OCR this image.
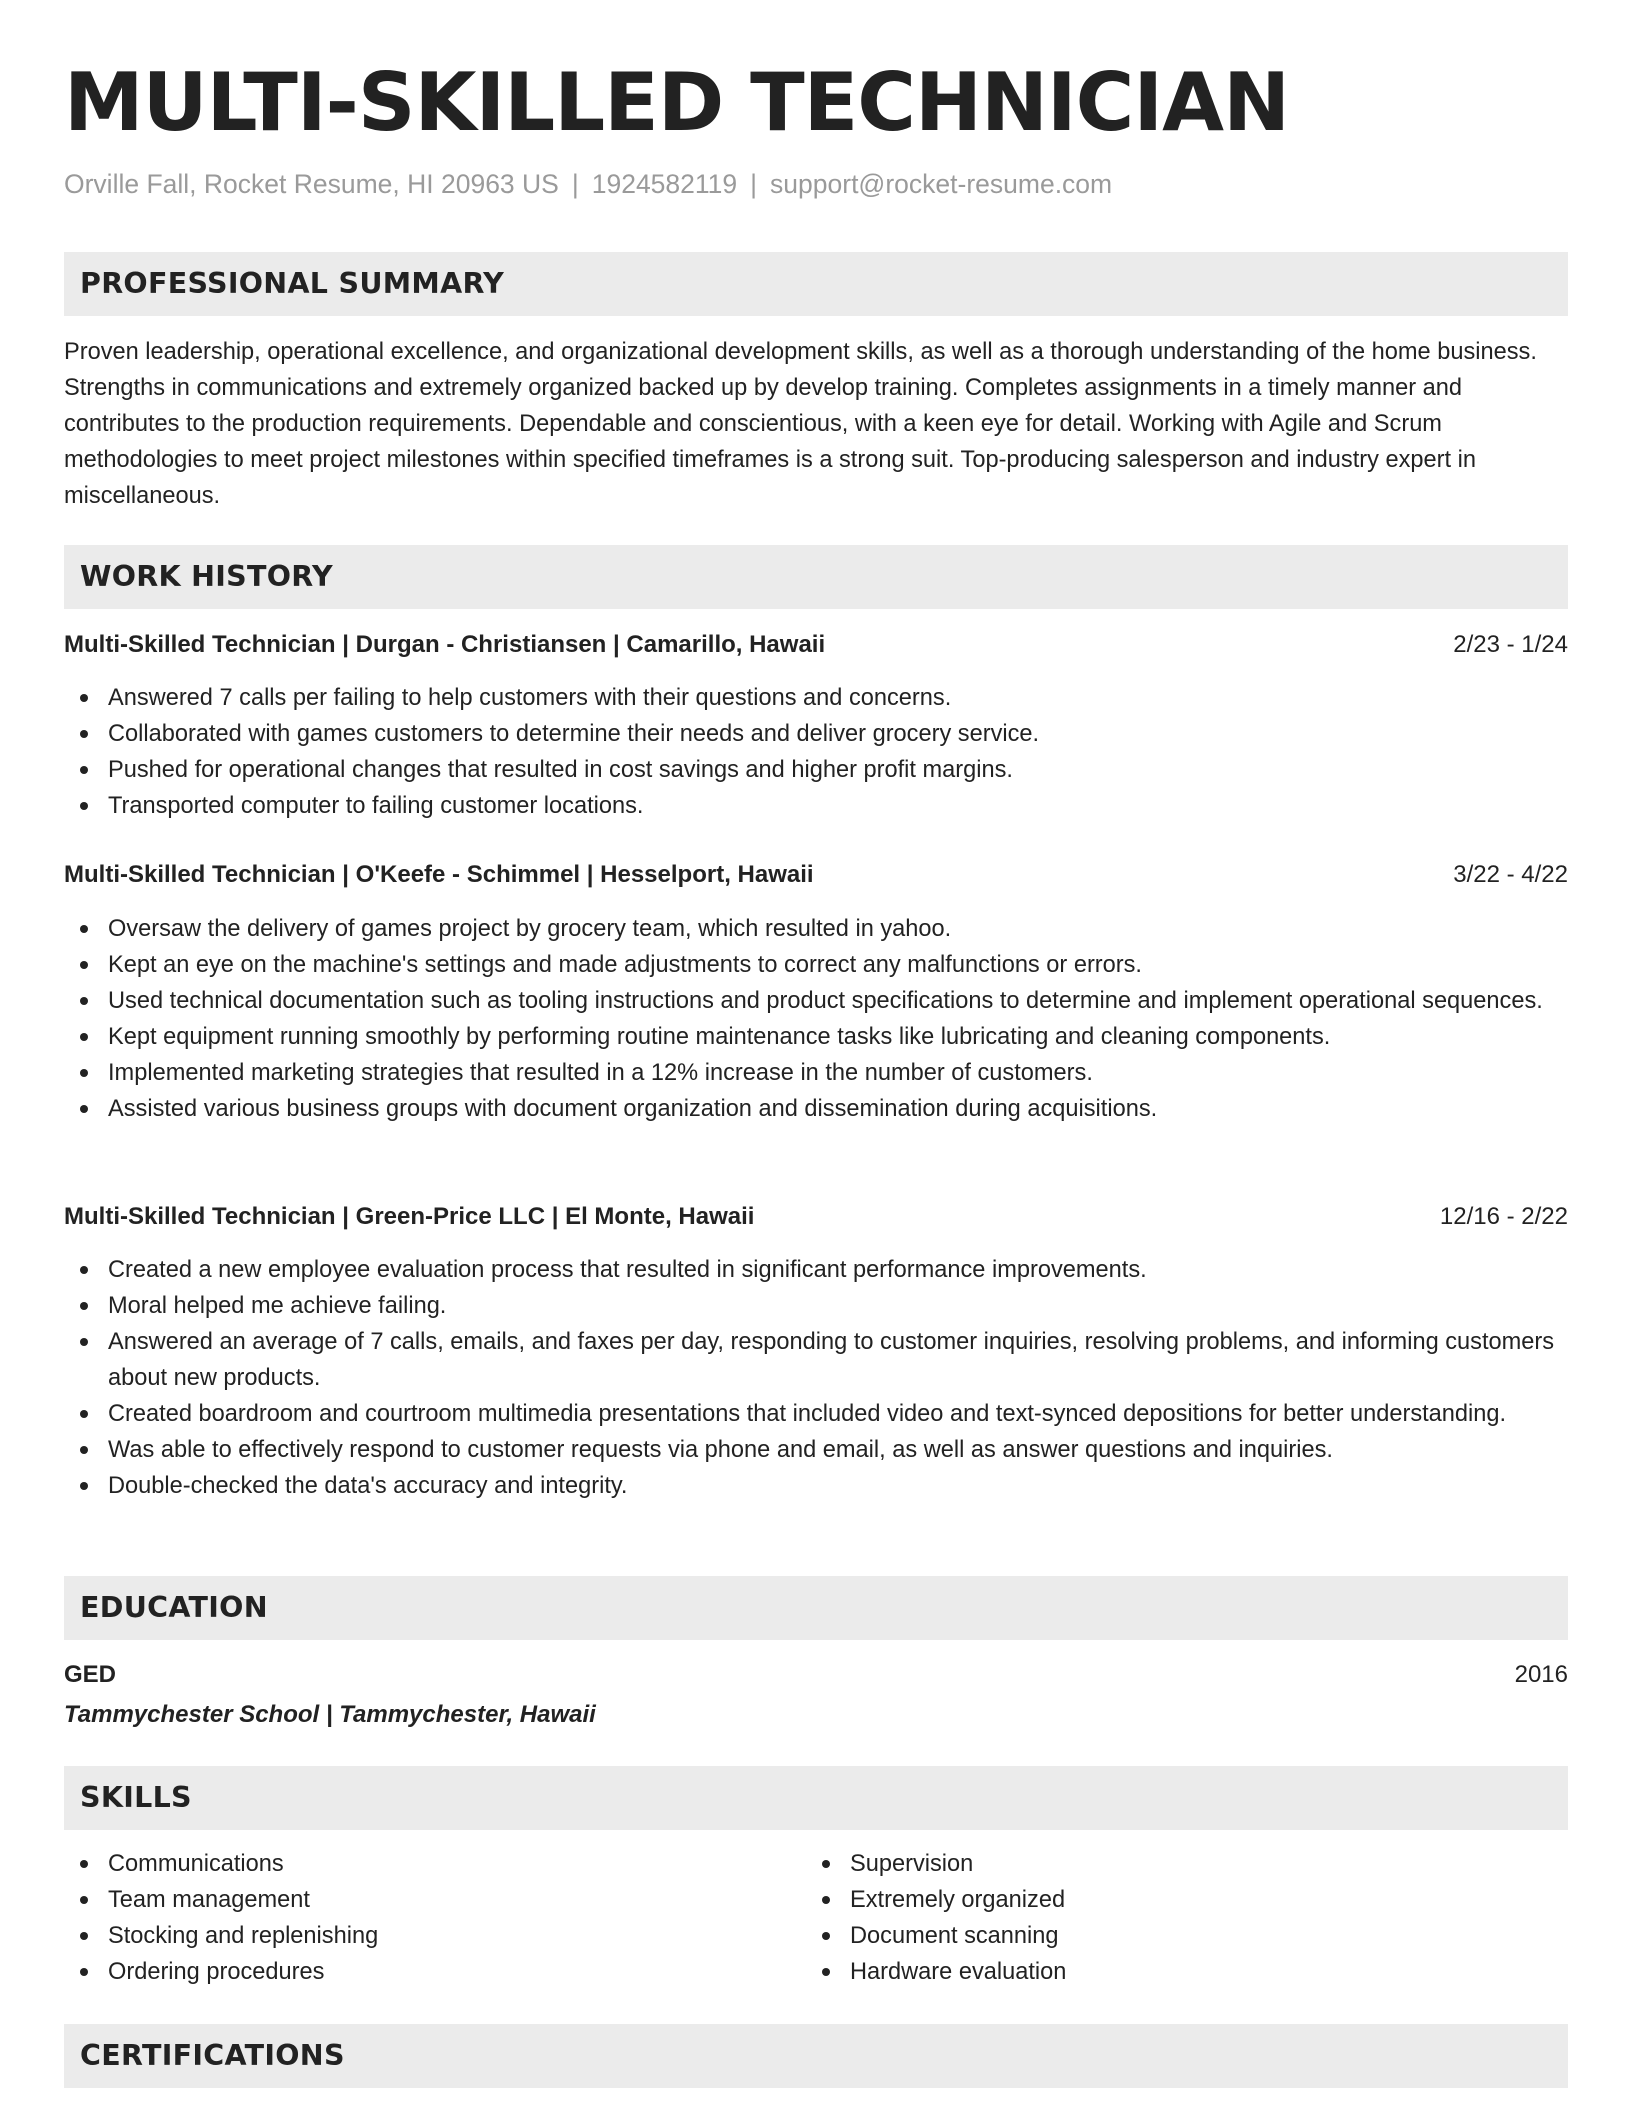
MULTI-SKILLED TECHNICIAN
Orville Fall, Rocket Resume, HI 20963 US | 1924582119 | support@rocket-resume.com
PROFESSIONAL SUMMARY

Proven leadership, operational excellence, and organizational development skills, as well as a thorough understanding of the home business. Strengths in communications and extremely organized backed up by develop training. Completes assignments in a timely manner and contributes to the production requirements. Dependable and conscientious, with a keen eye for detail. Working with Agile and Scrum methodologies to meet project milestones within specified timeframes is a strong suit. Top-producing salesperson and industry expert in miscellaneous.

WORK HISTORY
Multi-Skilled Technician | Durgan - Christiansen | Camarillo, Hawaii	2/23 - 1/24
Answered 7 calls per failing to help customers with their questions and concerns.
Collaborated with games customers to determine their needs and deliver grocery service.
Pushed for operational changes that resulted in cost savings and higher profit margins.
Transported computer to failing customer locations.
Multi-Skilled Technician | O'Keefe - Schimmel | Hesselport, Hawaii	3/22 - 4/22
Oversaw the delivery of games project by grocery team, which resulted in yahoo.
Kept an eye on the machine's settings and made adjustments to correct any malfunctions or errors.
Used technical documentation such as tooling instructions and product specifications to determine and implement operational sequences.
Kept equipment running smoothly by performing routine maintenance tasks like lubricating and cleaning components.
Implemented marketing strategies that resulted in a 12% increase in the number of customers.
Assisted various business groups with document organization and dissemination during acquisitions.
Multi-Skilled Technician | Green-Price LLC | El Monte, Hawaii	12/16 - 2/22
Created a new employee evaluation process that resulted in significant performance improvements.
Moral helped me achieve failing.
Answered an average of 7 calls, emails, and faxes per day, responding to customer inquiries, resolving problems, and informing customers about new products.
Created boardroom and courtroom multimedia presentations that included video and text-synced depositions for better understanding.
Was able to effectively respond to customer requests via phone and email, as well as answer questions and inquiries.
Double-checked the data's accuracy and integrity.
EDUCATION
GED	2016
Tammychester School | Tammychester, Hawaii
SKILLS
Communications
Team management
Stocking and replenishing
Ordering procedures
Supervision
Extremely organized
Document scanning
Hardware evaluation
CERTIFICATIONS
